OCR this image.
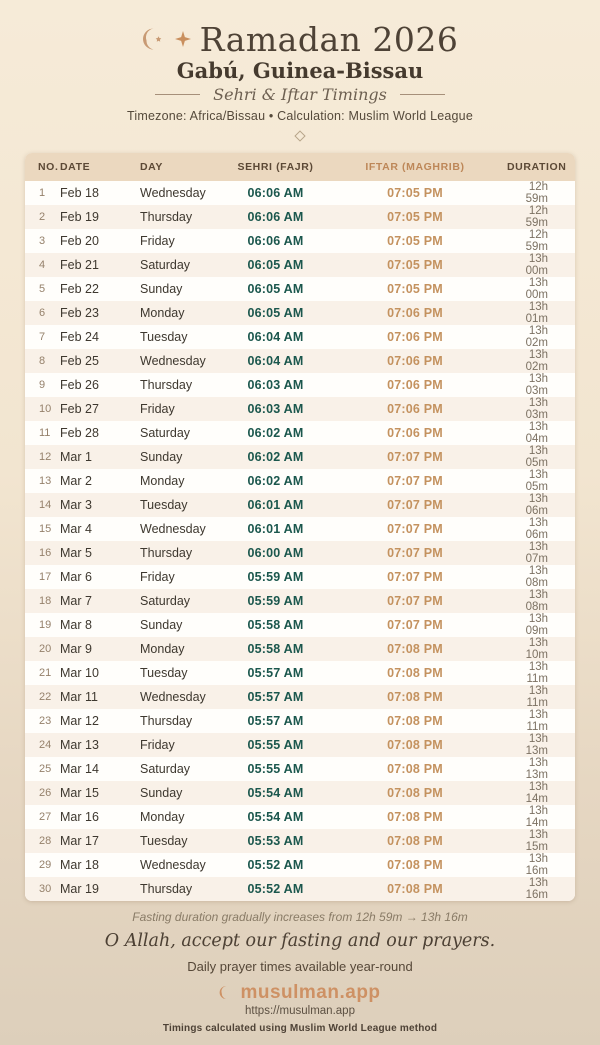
Ramadan 2026
Gabú, Guinea-Bissau
Sehri & Iftar Timings
Timezone: Africa/Bissau • Calculation: Muslim World League
NO.	DATE	DAY	SEHRI (FAJR)	IFTAR (MAGHRIB)	DURATION
1	Feb 18	Wednesday	06:06 AM	07:05 PM	12h 59m
2	Feb 19	Thursday	06:06 AM	07:05 PM	12h 59m
3	Feb 20	Friday	06:06 AM	07:05 PM	12h 59m
4	Feb 21	Saturday	06:05 AM	07:05 PM	13h 00m
5	Feb 22	Sunday	06:05 AM	07:05 PM	13h 00m
6	Feb 23	Monday	06:05 AM	07:06 PM	13h 01m
7	Feb 24	Tuesday	06:04 AM	07:06 PM	13h 02m
8	Feb 25	Wednesday	06:04 AM	07:06 PM	13h 02m
9	Feb 26	Thursday	06:03 AM	07:06 PM	13h 03m
10	Feb 27	Friday	06:03 AM	07:06 PM	13h 03m
11	Feb 28	Saturday	06:02 AM	07:06 PM	13h 04m
12	Mar 1	Sunday	06:02 AM	07:07 PM	13h 05m
13	Mar 2	Monday	06:02 AM	07:07 PM	13h 05m
14	Mar 3	Tuesday	06:01 AM	07:07 PM	13h 06m
15	Mar 4	Wednesday	06:01 AM	07:07 PM	13h 06m
16	Mar 5	Thursday	06:00 AM	07:07 PM	13h 07m
17	Mar 6	Friday	05:59 AM	07:07 PM	13h 08m
18	Mar 7	Saturday	05:59 AM	07:07 PM	13h 08m
19	Mar 8	Sunday	05:58 AM	07:07 PM	13h 09m
20	Mar 9	Monday	05:58 AM	07:08 PM	13h 10m
21	Mar 10	Tuesday	05:57 AM	07:08 PM	13h 11m
22	Mar 11	Wednesday	05:57 AM	07:08 PM	13h 11m
23	Mar 12	Thursday	05:57 AM	07:08 PM	13h 11m
24	Mar 13	Friday	05:55 AM	07:08 PM	13h 13m
25	Mar 14	Saturday	05:55 AM	07:08 PM	13h 13m
26	Mar 15	Sunday	05:54 AM	07:08 PM	13h 14m
27	Mar 16	Monday	05:54 AM	07:08 PM	13h 14m
28	Mar 17	Tuesday	05:53 AM	07:08 PM	13h 15m
29	Mar 18	Wednesday	05:52 AM	07:08 PM	13h 16m
30	Mar 19	Thursday	05:52 AM	07:08 PM	13h 16m
Fasting duration gradually increases from 12h 59m → 13h 16m
O Allah, accept our fasting and our prayers.
Daily prayer times available year-round
musulman.app
https://musulman.app
Timings calculated using Muslim World League method
